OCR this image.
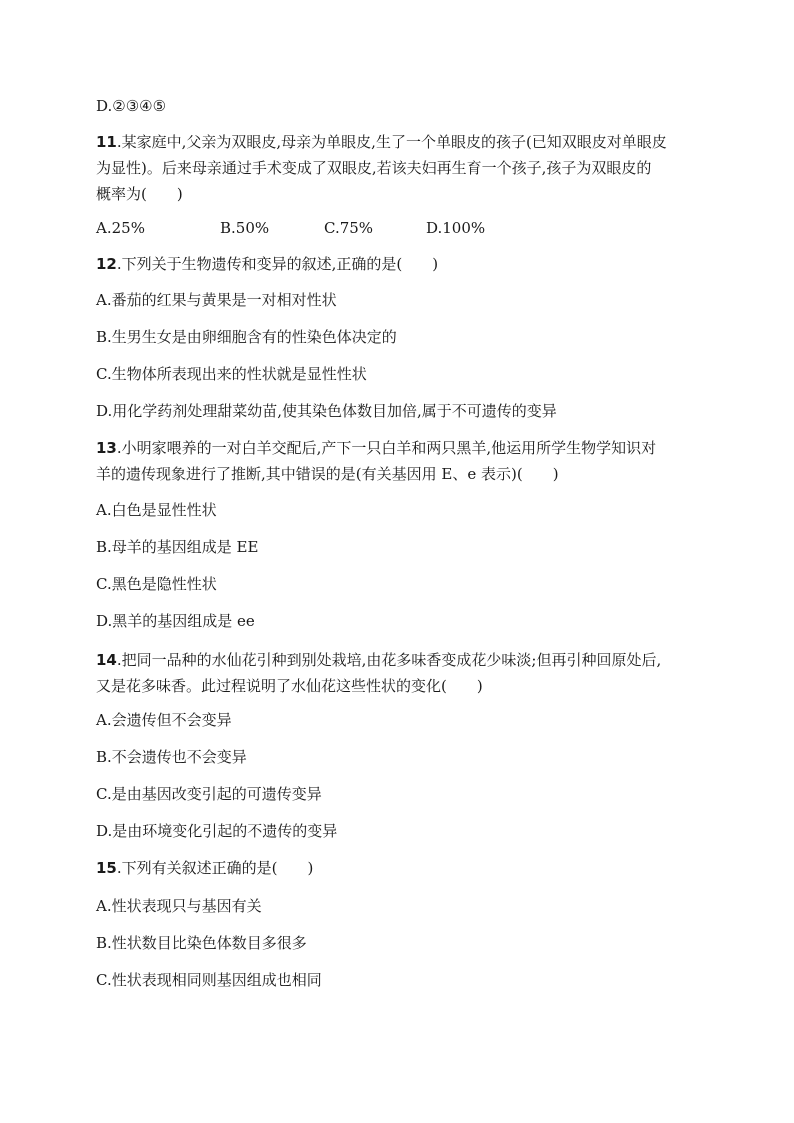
D.②③④⑤
11.某家庭中,父亲为双眼皮,母亲为单眼皮,生了一个单眼皮的孩子(已知双眼皮对单眼皮
为显性)。后来母亲通过手术变成了双眼皮,若该夫妇再生育一个孩子,孩子为双眼皮的
概率为(　　)
A.25%	B.50%	C.75%	D.100%
12.下列关于生物遗传和变异的叙述,正确的是(　　)
A.番茄的红果与黄果是一对相对性状
B.生男生女是由卵细胞含有的性染色体决定的
C.生物体所表现出来的性状就是显性性状
D.用化学药剂处理甜菜幼苗,使其染色体数目加倍,属于不可遗传的变异
13.小明家喂养的一对白羊交配后,产下一只白羊和两只黑羊,他运用所学生物学知识对
羊的遗传现象进行了推断,其中错误的是(有关基因用 E、e 表示)(　　)
A.白色是显性性状
B.母羊的基因组成是 EE
C.黑色是隐性性状
D.黑羊的基因组成是 ee
14.把同一品种的水仙花引种到别处栽培,由花多味香变成花少味淡;但再引种回原处后,
又是花多味香。此过程说明了水仙花这些性状的变化(　　)
A.会遗传但不会变异
B.不会遗传也不会变异
C.是由基因改变引起的可遗传变异
D.是由环境变化引起的不遗传的变异
15.下列有关叙述正确的是(　　)
A.性状表现只与基因有关
B.性状数目比染色体数目多很多
C.性状表现相同则基因组成也相同
